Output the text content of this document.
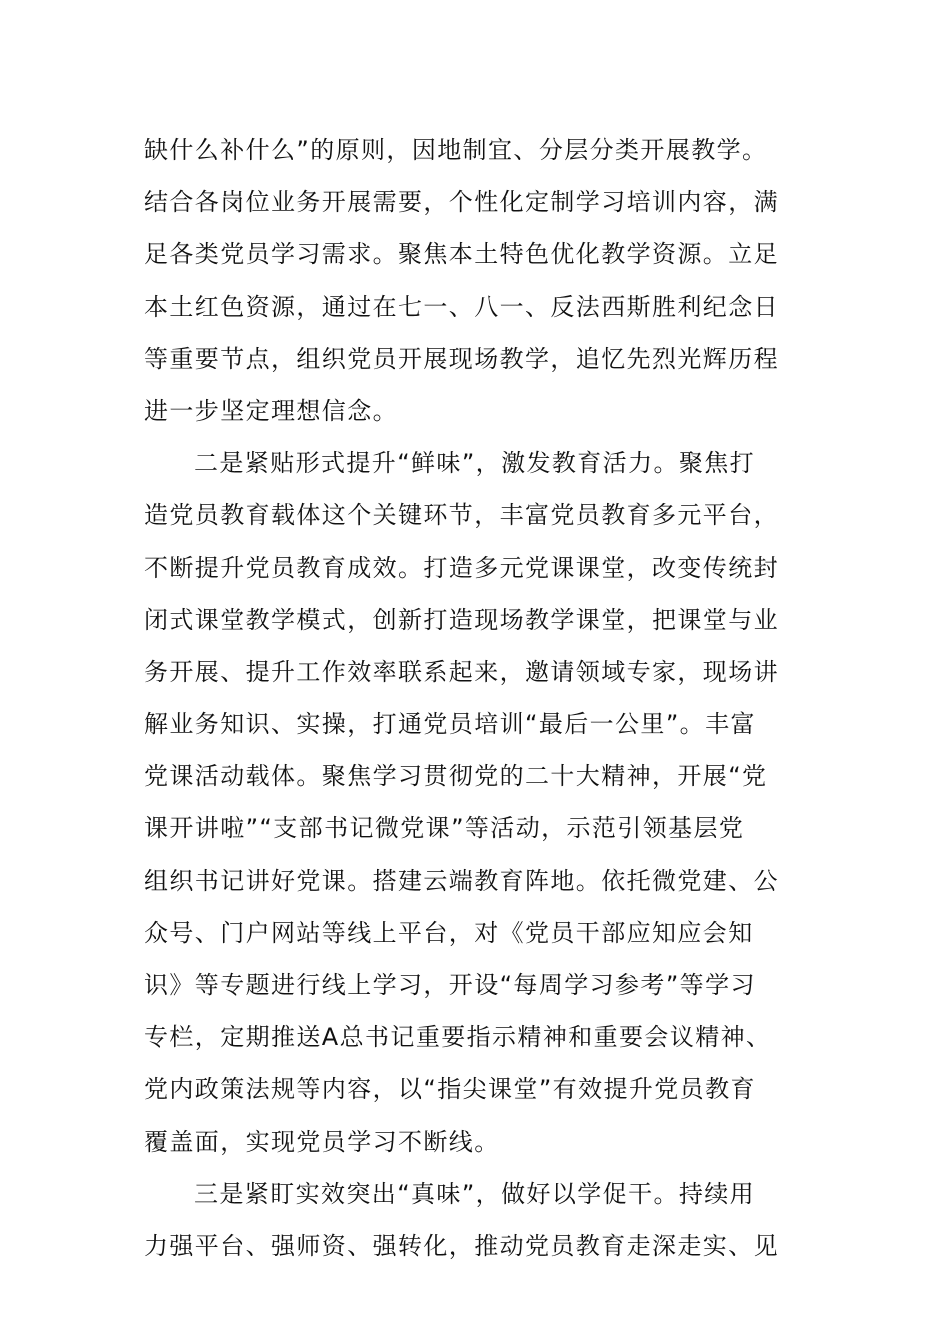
缺什么补什么”的原则，因地制宜、分层分类开展教学。
结合各岗位业务开展需要，个性化定制学习培训内容，满
足各类党员学习需求。聚焦本土特色优化教学资源。立足
本土红色资源，通过在七一、八一、反法西斯胜利纪念日
等重要节点，组织党员开展现场教学，追忆先烈光辉历程
进一步坚定理想信念。
二是紧贴形式提升“鲜味”，激发教育活力。聚焦打
造党员教育载体这个关键环节，丰富党员教育多元平台，
不断提升党员教育成效。打造多元党课课堂，改变传统封
闭式课堂教学模式，创新打造现场教学课堂，把课堂与业
务开展、提升工作效率联系起来，邀请领域专家，现场讲
解业务知识、实操，打通党员培训“最后一公里”。丰富
党课活动载体。聚焦学习贯彻党的二十大精神，开展“党
课开讲啦”“支部书记微党课”等活动，示范引领基层党
组织书记讲好党课。搭建云端教育阵地。依托微党建、公
众号、门户网站等线上平台，对《党员干部应知应会知
识》等专题进行线上学习，开设“每周学习参考”等学习
专栏，定期推送A总书记重要指示精神和重要会议精神、
党内政策法规等内容，以“指尖课堂”有效提升党员教育
覆盖面，实现党员学习不断线。
三是紧盯实效突出“真味”，做好以学促干。持续用
力强平台、强师资、强转化，推动党员教育走深走实、见
